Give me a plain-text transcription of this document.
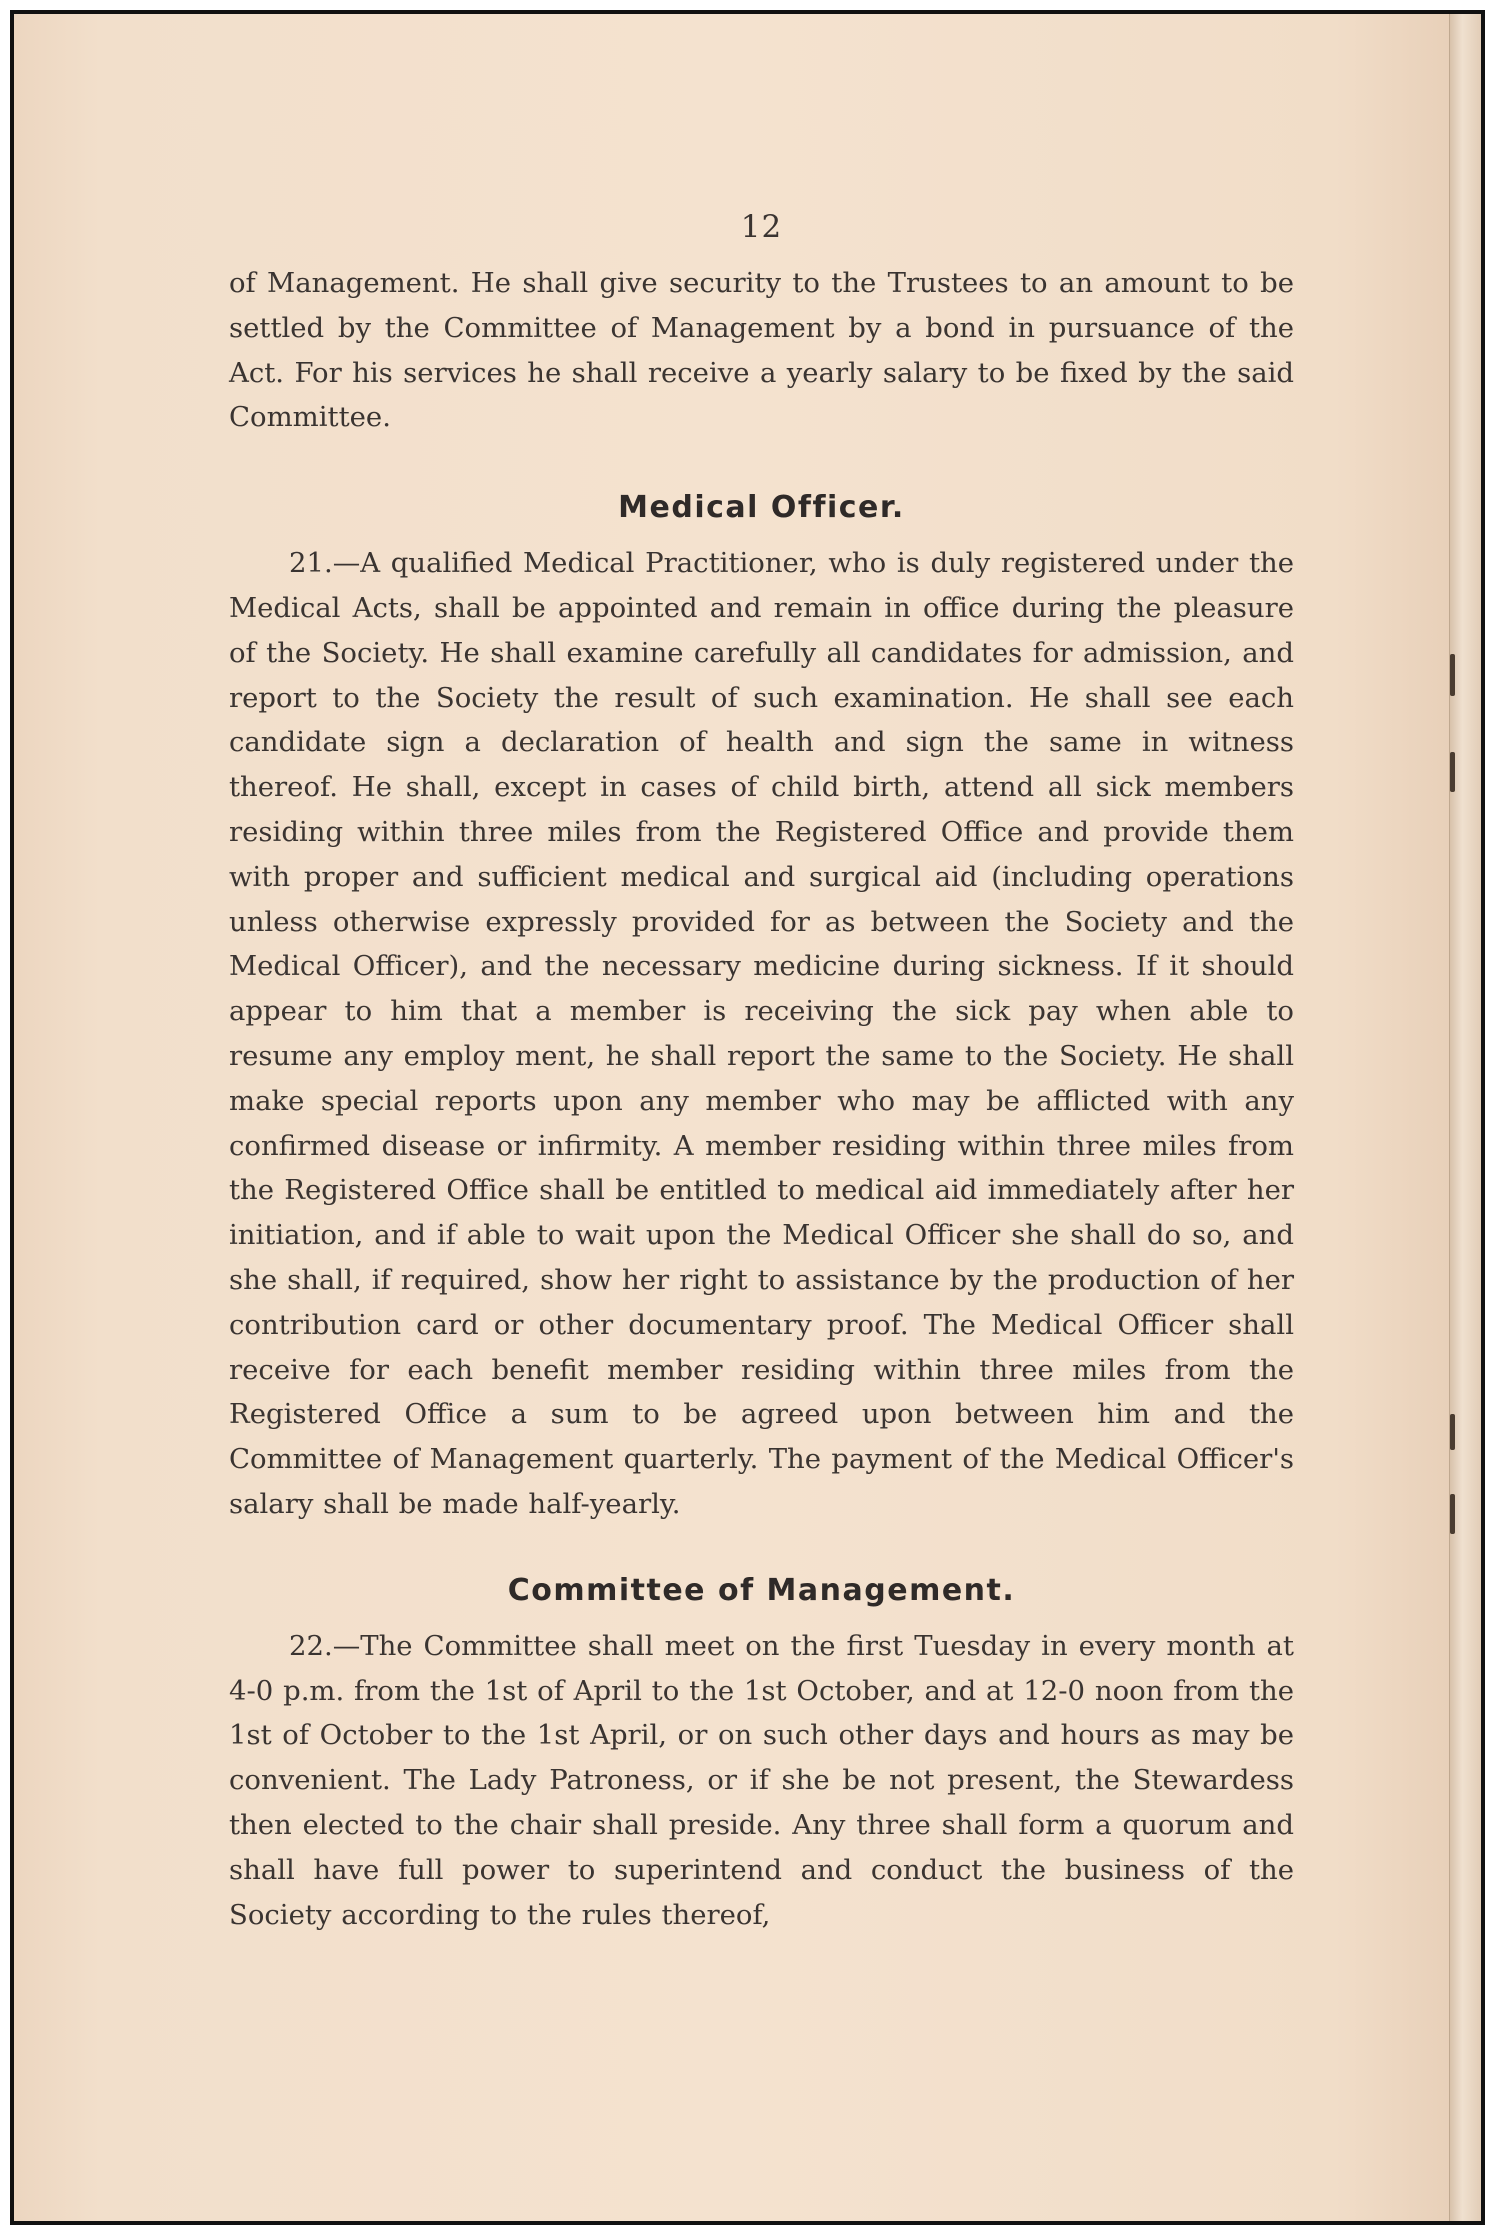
12

of Management. He shall give security to the Trustees to an amount to be settled by the Committee of Management by a bond in pursuance of the Act. For his services he shall receive a yearly salary to be fixed by the said Committee.

Medical Officer.

21.—A qualified Medical Practitioner, who is duly registered under the Medical Acts, shall be appointed and remain in office during the pleasure of the Society. He shall examine carefully all candidates for admission, and report to the Society the result of such examination. He shall see each candidate sign a declaration of health and sign the same in witness thereof. He shall, except in cases of child birth, attend all sick members residing within three miles from the Registered Office and provide them with proper and sufficient medical and surgical aid (including operations unless otherwise expressly provided for as between the Society and the Medical Officer), and the necessary medicine during sickness. If it should appear to him that a member is receiving the sick pay when able to resume any employ ment, he shall report the same to the Society. He shall make special reports upon any member who may be afflicted with any confirmed disease or infirmity. A member residing within three miles from the Registered Office shall be entitled to medical aid immediately after her initiation, and if able to wait upon the Medical Officer she shall do so, and she shall, if required, show her right to assistance by the production of her contribution card or other documentary proof. The Medical Officer shall receive for each benefit member residing within three miles from the Registered Office a sum to be agreed upon between him and the Committee of Management quarterly. The payment of the Medical Officer's salary shall be made half-yearly.

Committee of Management.

22.—The Committee shall meet on the first Tuesday in every month at 4-0 p.m. from the 1st of April to the 1st October, and at 12-0 noon from the 1st of October to the 1st April, or on such other days and hours as may be convenient. The Lady Patroness, or if she be not present, the Stewardess then elected to the chair shall preside. Any three shall form a quorum and shall have full power to superintend and conduct the business of the Society according to the rules thereof,
